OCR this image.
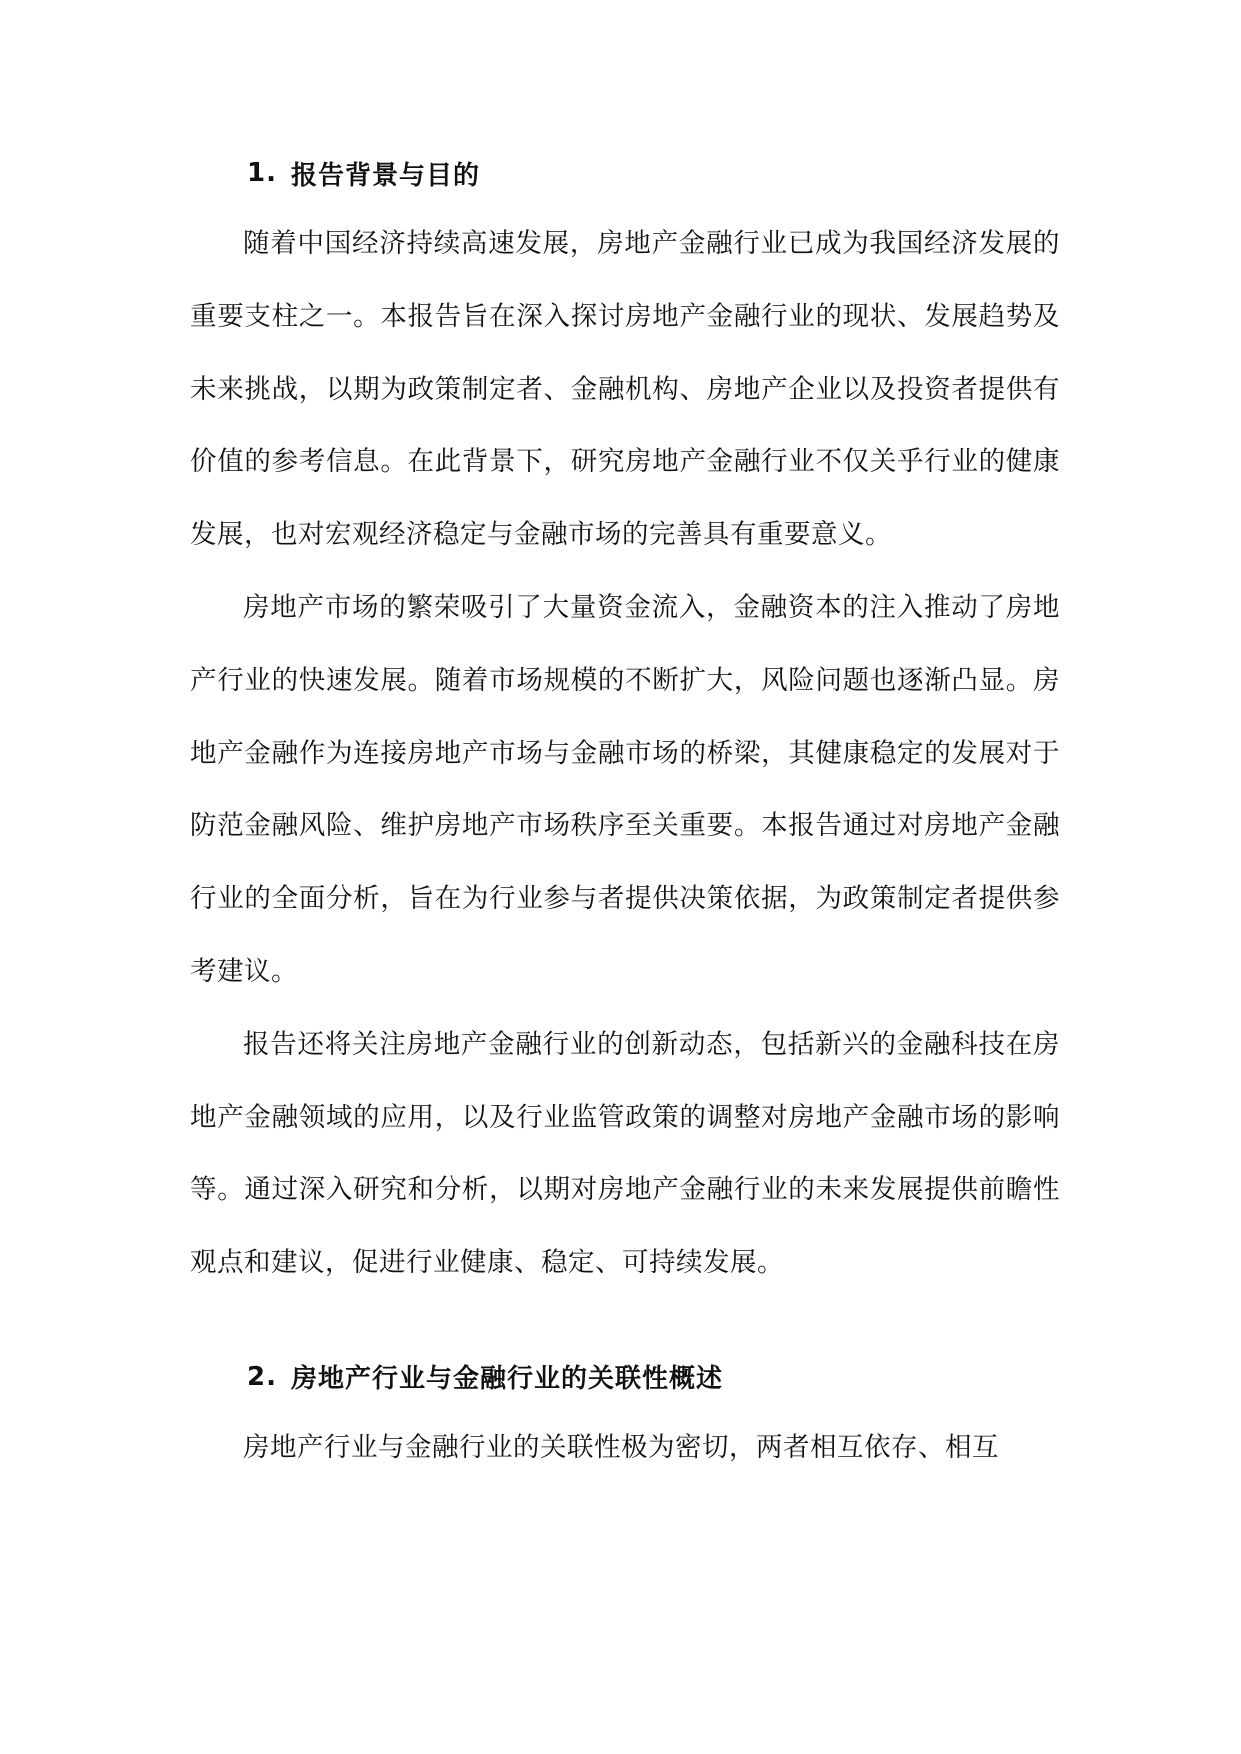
1. 报告背景与目的

随着中国经济持续高速发展，房地产金融行业已成为我国经济发展的重要支柱之一。本报告旨在深入探讨房地产金融行业的现状、发展趋势及未来挑战，以期为政策制定者、金融机构、房地产企业以及投资者提供有价值的参考信息。在此背景下，研究房地产金融行业不仅关乎行业的健康发展，也对宏观经济稳定与金融市场的完善具有重要意义。

房地产市场的繁荣吸引了大量资金流入，金融资本的注入推动了房地产行业的快速发展。随着市场规模的不断扩大，风险问题也逐渐凸显。房地产金融作为连接房地产市场与金融市场的桥梁，其健康稳定的发展对于防范金融风险、维护房地产市场秩序至关重要。本报告通过对房地产金融行业的全面分析，旨在为行业参与者提供决策依据，为政策制定者提供参考建议。

报告还将关注房地产金融行业的创新动态，包括新兴的金融科技在房地产金融领域的应用，以及行业监管政策的调整对房地产金融市场的影响等。通过深入研究和分析，以期对房地产金融行业的未来发展提供前瞻性观点和建议，促进行业健康、稳定、可持续发展。

2. 房地产行业与金融行业的关联性概述

房地产行业与金融行业的关联性极为密切，两者相互依存、相互
